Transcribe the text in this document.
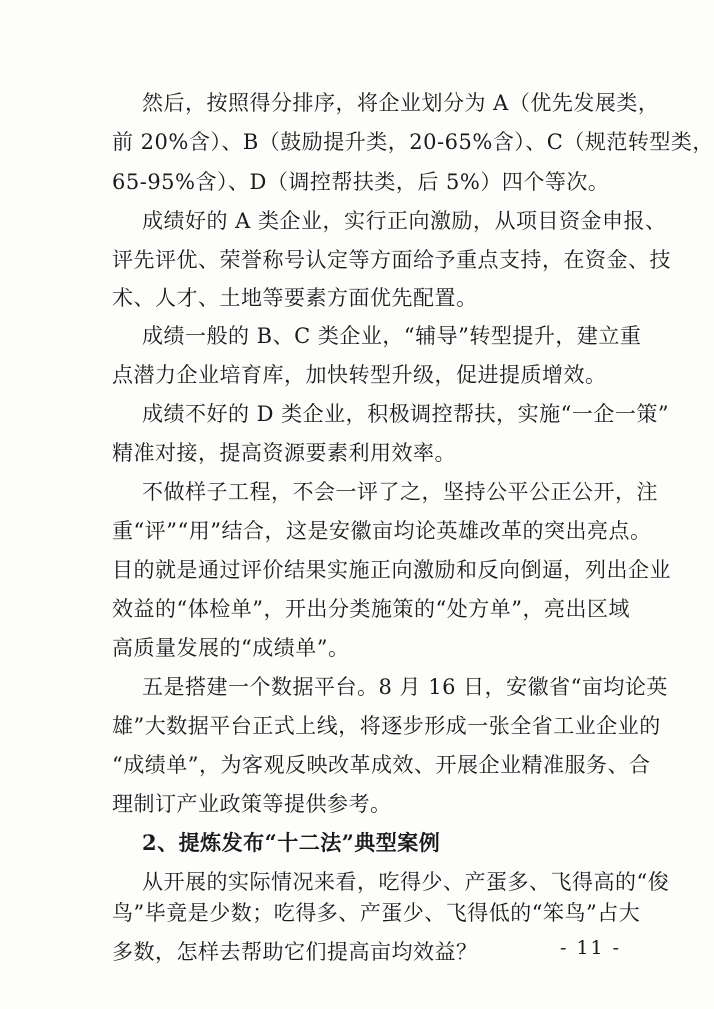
然后，按照得分排序，将企业划分为 A（优先发展类，
前 20%含）、B（鼓励提升类，20-65%含）、C（规范转型类，
65-95%含）、D（调控帮扶类，后 5%）四个等次。
成绩好的 A 类企业，实行正向激励，从项目资金申报、
评先评优、荣誉称号认定等方面给予重点支持，在资金、技
术、人才、土地等要素方面优先配置。
成绩一般的 B、C 类企业，“辅导”转型提升，建立重
点潜力企业培育库，加快转型升级，促进提质增效。
成绩不好的 D 类企业，积极调控帮扶，实施“一企一策”
精准对接，提高资源要素利用效率。
不做样子工程，不会一评了之，坚持公平公正公开，注
重“评”“用”结合，这是安徽亩均论英雄改革的突出亮点。
目的就是通过评价结果实施正向激励和反向倒逼，列出企业
效益的“体检单”，开出分类施策的“处方单”，亮出区域
高质量发展的“成绩单”。
五是搭建一个数据平台。8 月 16 日，安徽省“亩均论英
雄”大数据平台正式上线，将逐步形成一张全省工业企业的
“成绩单”，为客观反映改革成效、开展企业精准服务、合
理制订产业政策等提供参考。
2、提炼发布“十二法”典型案例
从开展的实际情况来看，吃得少、产蛋多、飞得高的“俊
鸟”毕竟是少数；吃得多、产蛋少、飞得低的“笨鸟”占大
多数，怎样去帮助它们提高亩均效益？	- 11 -
